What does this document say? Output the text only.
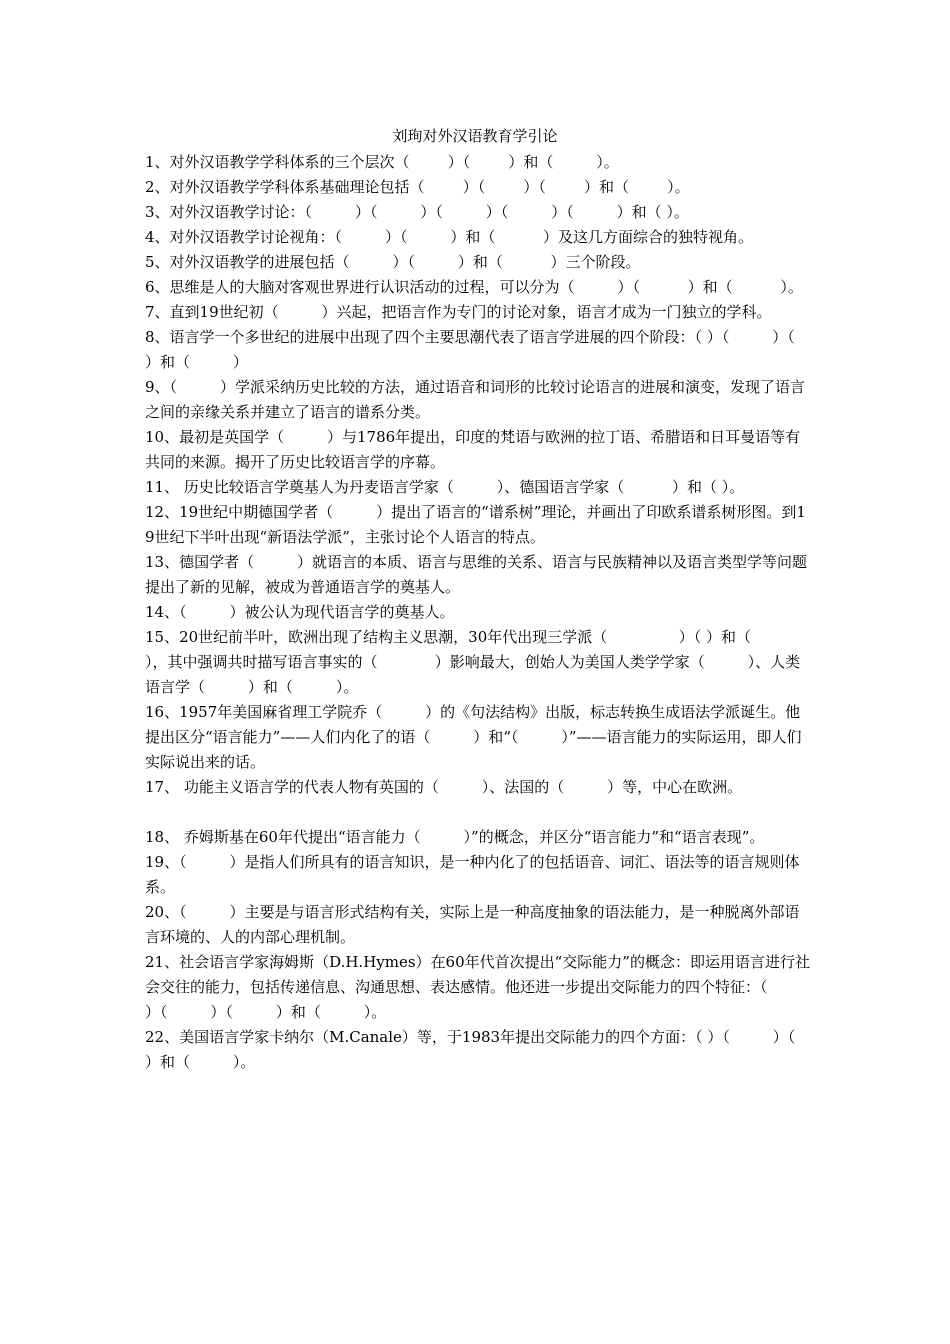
刘珣对外汉语教育学引论

1、对外汉语教学学科体系的三个层次（        ）（        ）和（         ）。

2、对外汉语教学学科体系基础理论包括（        ）（        ）（        ）和（        ）。

3、对外汉语教学讨论：（         ）（         ）（         ）（         ）（         ）和（ ）。

4、对外汉语教学讨论视角：（         ）（         ）和（          ）及这几方面综合的独特视角。

5、对外汉语教学的进展包括（         ）（         ）和（          ）三个阶段。

6、思维是人的大脑对客观世界进行认识活动的过程，可以分为（         ）（          ）和（          ）。

7、直到19世纪初（         ）兴起，把语言作为专门的讨论对象，语言才成为一门独立的学科。

8、语言学一个多世纪的进展中出现了四个主要思潮代表了语言学进展的四个阶段：（ ）（         ）（         ）和（         ）

9、（         ）学派采纳历史比较的方法，通过语音和词形的比较讨论语言的进展和演变，发现了语言之间的亲缘关系并建立了语言的谱系分类。

10、最初是英国学（         ）与1786年提出，印度的梵语与欧洲的拉丁语、希腊语和日耳曼语等有共同的来源。揭开了历史比较语言学的序幕。

11、 历史比较语言学奠基人为丹麦语言学家（         ）、德国语言学家（          ）和（ ）。

12、19世纪中期德国学者（         ）提出了语言的“谱系树”理论，并画出了印欧系谱系树形图。到19世纪下半叶出现“新语法学派”，主张讨论个人语言的特点。

13、德国学者（         ）就语言的本质、语言与思维的关系、语言与民族精神以及语言类型学等问题提出了新的见解，被成为普通语言学的奠基人。

14、（         ）被公认为现代语言学的奠基人。

15、20世纪前半叶，欧洲出现了结构主义思潮，30年代出现三学派（               ）（ ）和（            ），其中强调共时描写语言事实的（            ）影响最大，创始人为美国人类学学家（         ）、人类语言学（         ）和（         ）。

16、1957年美国麻省理工学院乔（         ）的《句法结构》出版，标志转换生成语法学派诞生。他提出区分“语言能力”——人们内化了的语（         ）和“（         ）”——语言能力的实际运用，即人们实际说出来的话。

17、 功能主义语言学的代表人物有英国的（         ）、法国的（         ）等，中心在欧洲。

18、 乔姆斯基在60年代提出“语言能力（         ）”的概念，并区分“语言能力”和“语言表现”。

19、（         ）是指人们所具有的语言知识，是一种内化了的包括语音、词汇、语法等的语言规则体系。

20、（         ）主要是与语言形式结构有关，实际上是一种高度抽象的语法能力，是一种脱离外部语言环境的、人的内部心理机制。

21、社会语言学家海姆斯（D.H.Hymes）在60年代首次提出“交际能力”的概念：即运用语言进行社会交往的能力，包括传递信息、沟通思想、表达感情。他还进一步提出交际能力的四个特征：（         ）（         ）（         ）和（         ）。

22、美国语言学家卡纳尔（M.Canale）等，于1983年提出交际能力的四个方面：（ ）（         ）（         ）和（         ）。
